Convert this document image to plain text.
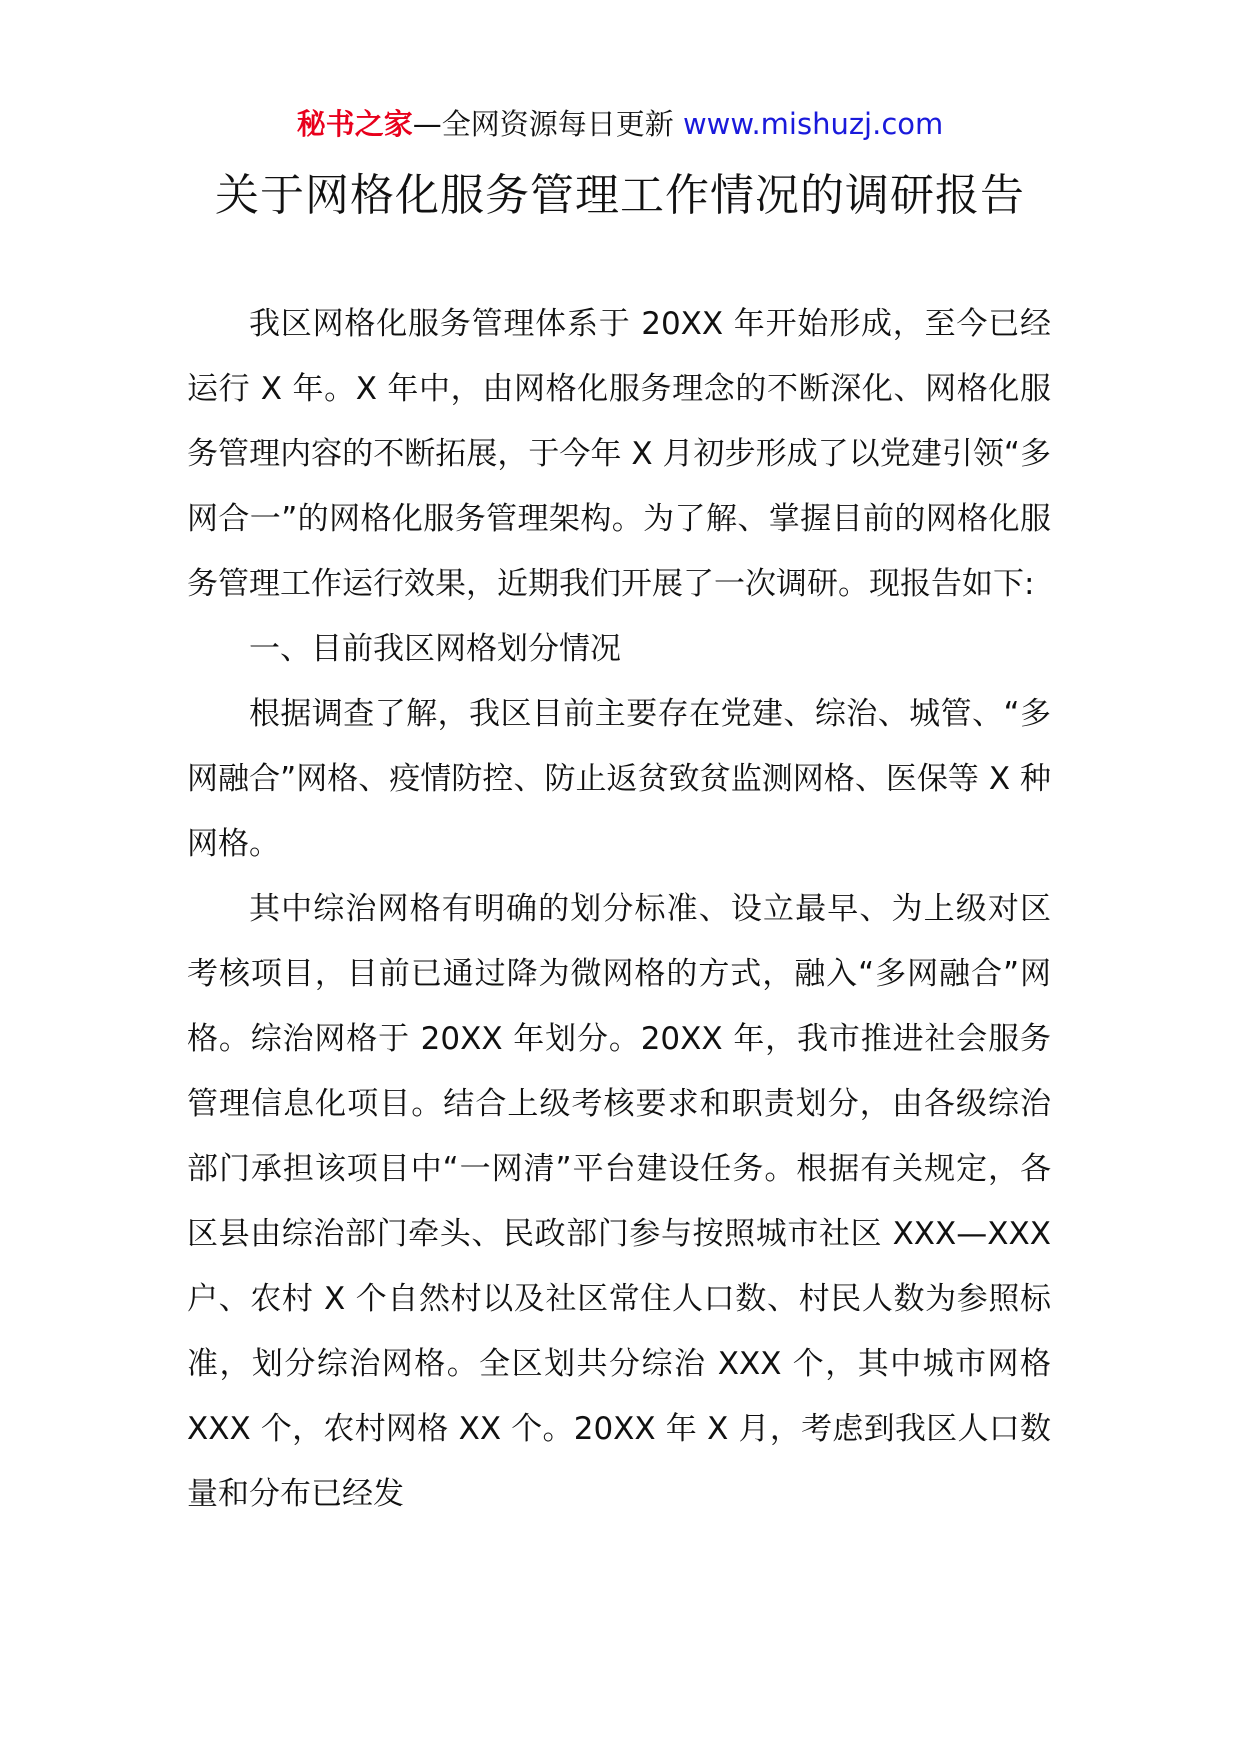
秘书之家—全网资源每日更新 www.mishuzj.com
关于网格化服务管理工作情况的调研报告

我区网格化服务管理体系于 20XX 年开始形成，至今已经运行 X 年。X 年中，由网格化服务理念的不断深化、网格化服务管理内容的不断拓展，于今年 X 月初步形成了以党建引领“多网合一”的网格化服务管理架构。为了解、掌握目前的网格化服务管理工作运行效果，近期我们开展了一次调研。现报告如下:

一、目前我区网格划分情况

根据调查了解，我区目前主要存在党建、综治、城管、“多网融合”网格、疫情防控、防止返贫致贫监测网格、医保等 X 种网格。

其中综治网格有明确的划分标准、设立最早、为上级对区考核项目，目前已通过降为微网格的方式，融入“多网融合”网格。综治网格于 20XX 年划分。20XX 年，我市推进社会服务管理信息化项目。结合上级考核要求和职责划分，由各级综治部门承担该项目中“一网清”平台建设任务。根据有关规定，各区县由综治部门牵头、民政部门参与按照城市社区 XXX—XXX 户、农村 X 个自然村以及社区常住人口数、村民人数为参照标准，划分综治网格。全区划共分综治 XXX 个，其中城市网格 XXX 个，农村网格 XX 个。20XX 年 X 月，考虑到我区人口数量和分布已经发
